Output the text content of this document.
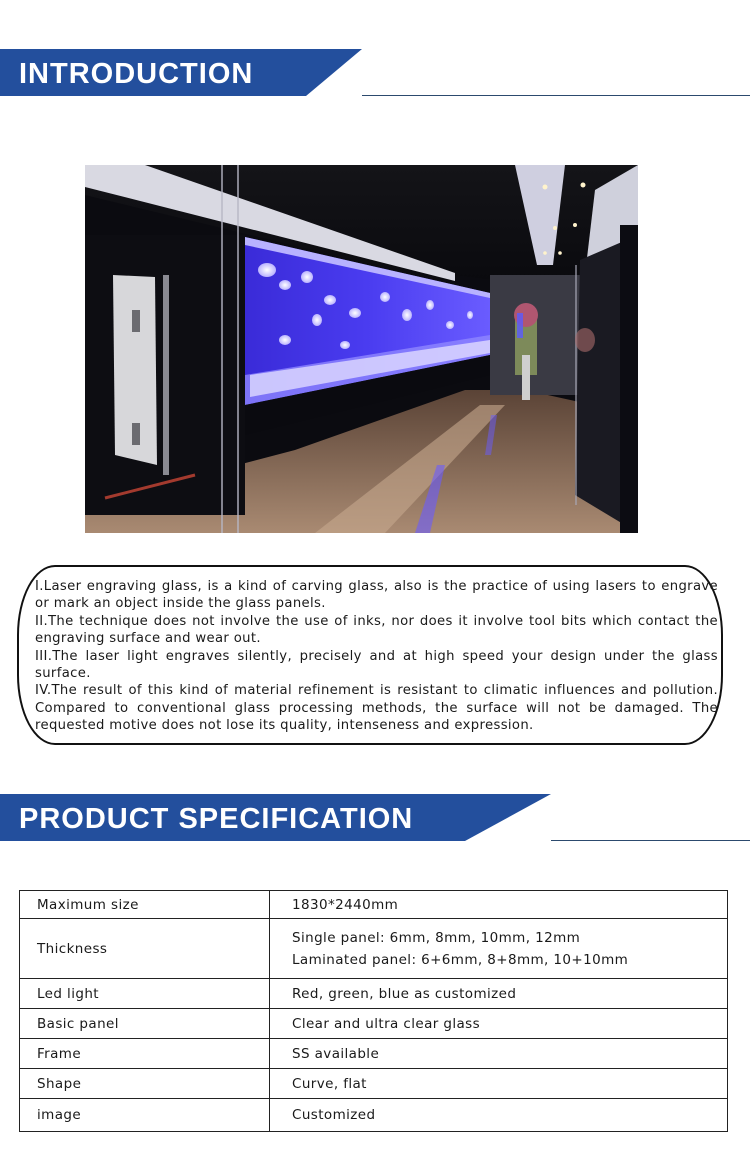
INTRODUCTION

I.Laser engraving glass, is a kind of carving glass, also is the practice of using lasers to engrave or mark an object inside the glass panels.

II.The technique does not involve the use of inks, nor does it involve tool bits which contact the engraving surface and wear out.

III.The laser light engraves silently, precisely and at high speed your design under the glass surface.

IV.The result of this kind of material refinement is resistant to climatic influences and pollution. Compared to conventional glass processing methods, the surface will not be damaged. The requested motive does not lose its quality, intenseness and expression.

PRODUCT SPECIFICATION
Maximum size	1830*2440mm
Thickness	Single panel: 6mm, 8mm, 10mm, 12mm
Laminated panel: 6+6mm, 8+8mm, 10+10mm

Led light	Red, green, blue as customized
Basic panel	Clear and ultra clear glass
Frame	SS available
Shape	Curve, flat
image	Customized
